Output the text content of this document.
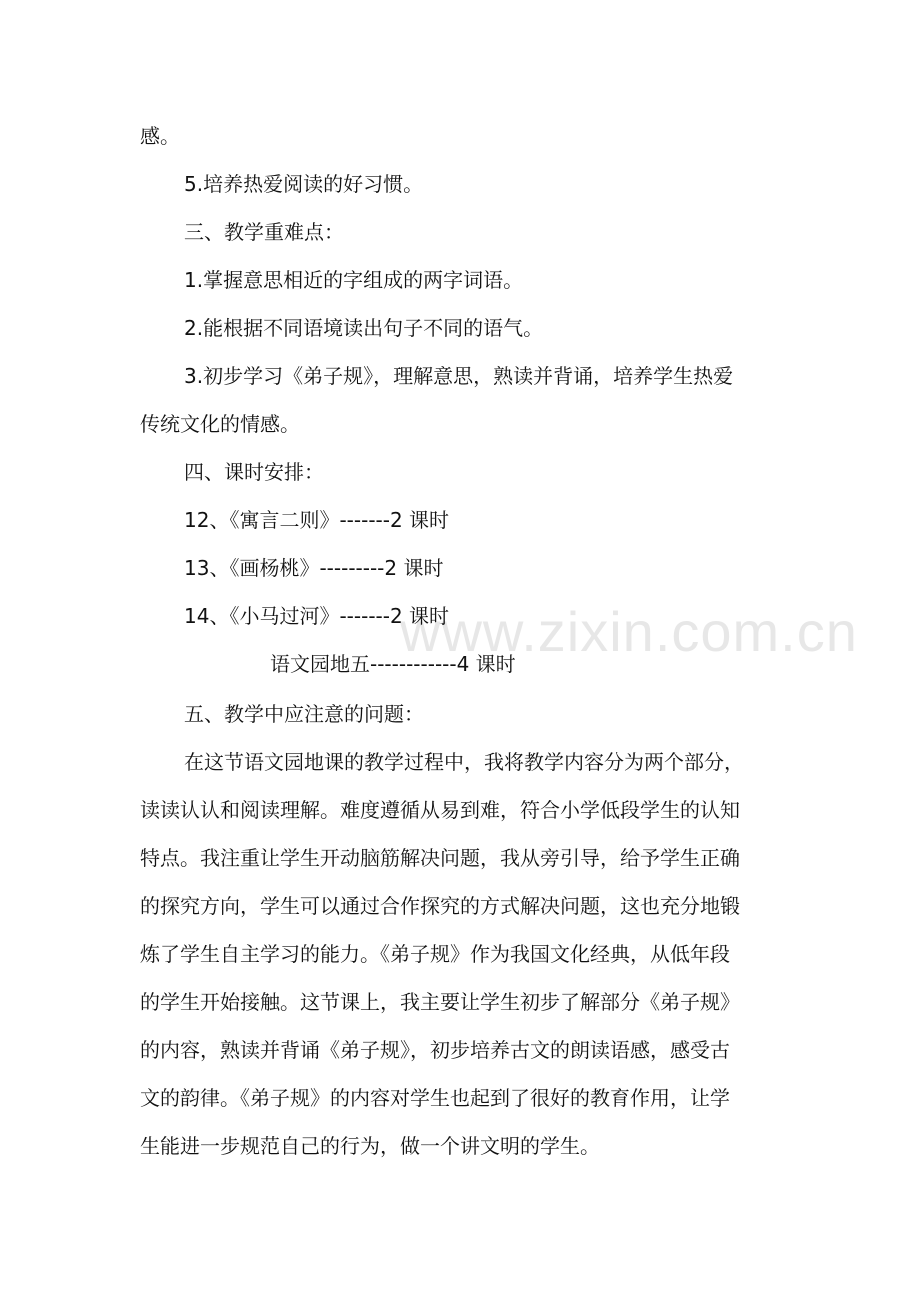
www.zixin.com.cn
感。
5.培养热爱阅读的好习惯。
三、教学重难点：
1.掌握意思相近的字组成的两字词语。
2.能根据不同语境读出句子不同的语气。
3.初步学习《弟子规》，理解意思，熟读并背诵，培养学生热爱
传统文化的情感。
四、课时安排：
12、《寓言二则》-------2 课时
13、《画杨桃》---------2 课时
14、《小马过河》-------2 课时
语文园地五------------4 课时
五、教学中应注意的问题：
在这节语文园地课的教学过程中，我将教学内容分为两个部分，
读读认认和阅读理解。难度遵循从易到难，符合小学低段学生的认知
特点。我注重让学生开动脑筋解决问题，我从旁引导，给予学生正确
的探究方向，学生可以通过合作探究的方式解决问题，这也充分地锻
炼了学生自主学习的能力。《弟子规》作为我国文化经典，从低年段
的学生开始接触。这节课上，我主要让学生初步了解部分《弟子规》
的内容，熟读并背诵《弟子规》，初步培养古文的朗读语感，感受古
文的韵律。《弟子规》的内容对学生也起到了很好的教育作用，让学
生能进一步规范自己的行为，做一个讲文明的学生。
